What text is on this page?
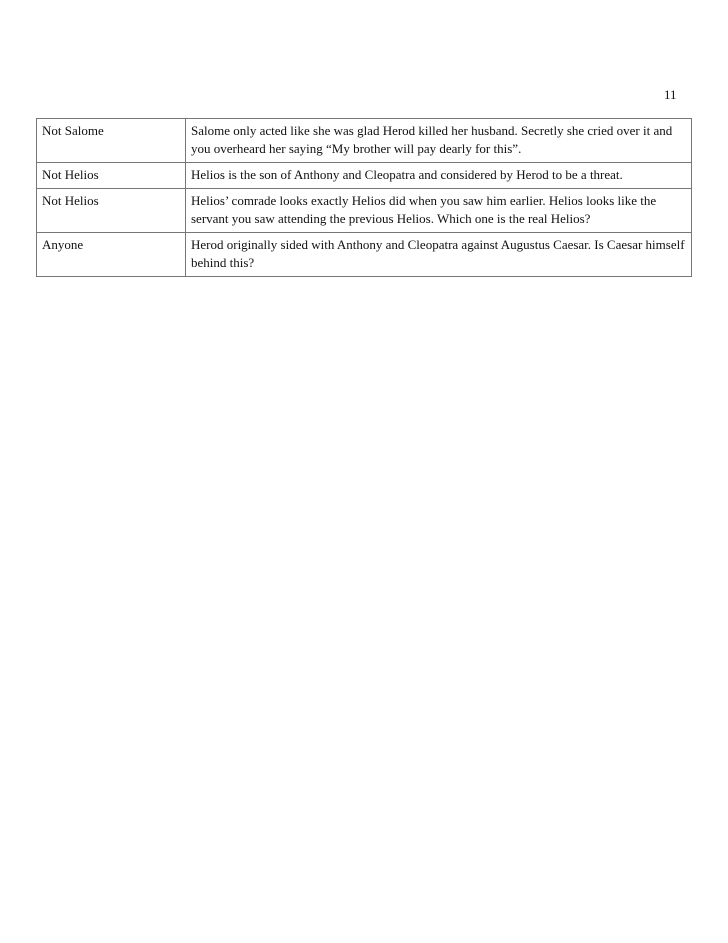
11
Not Salome	Salome only acted like she was glad Herod killed her husband. Secretly she cried over it and you overheard her saying “My brother will pay dearly for this”.
Not Helios	Helios is the son of Anthony and Cleopatra and considered by Herod to be a threat.
Not Helios	Helios’ comrade looks exactly Helios did when you saw him earlier. Helios looks like the servant you saw attending the previous Helios. Which one is the real Helios?
Anyone	Herod originally sided with Anthony and Cleopatra against Augustus Caesar. Is Caesar himself behind this?
